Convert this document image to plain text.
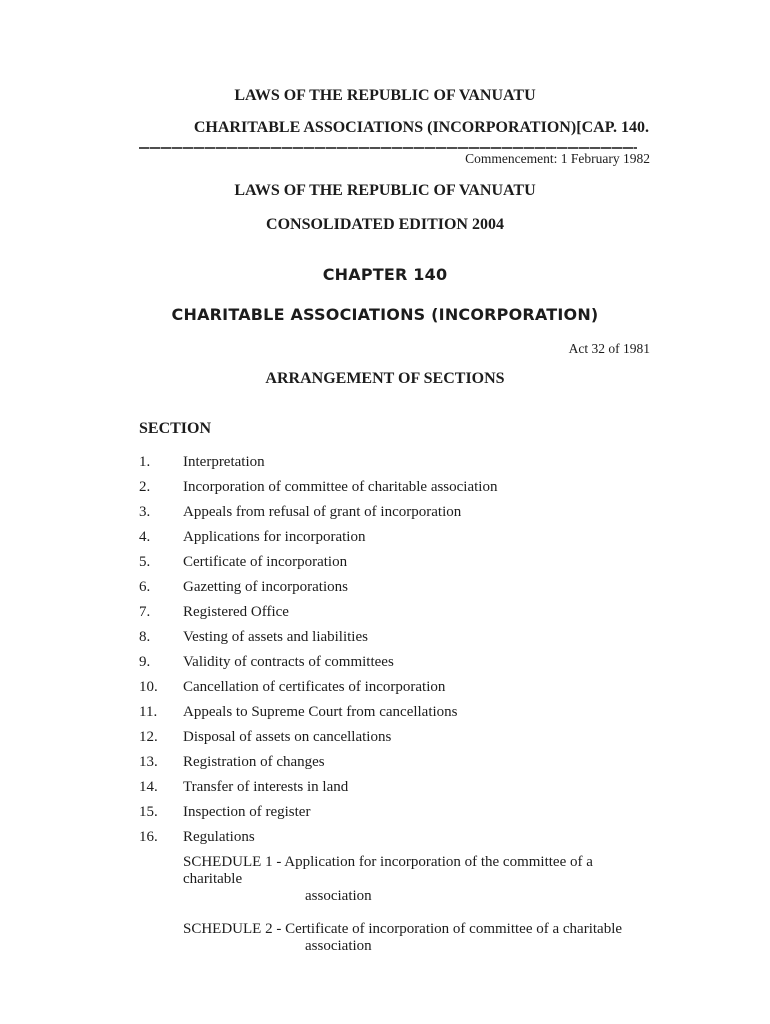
LAWS OF THE REPUBLIC OF VANUATU
CHARITABLE ASSOCIATIONS (INCORPORATION) [CAP. 140.
Commencement: 1 February 1982
LAWS OF THE REPUBLIC OF VANUATU
CONSOLIDATED EDITION 2004
CHAPTER 140
CHARITABLE ASSOCIATIONS (INCORPORATION)
Act 32 of 1981
ARRANGEMENT OF SECTIONS
SECTION
1.	Interpretation
2.	Incorporation of committee of charitable association
3.	Appeals from refusal of grant of incorporation
4.	Applications for incorporation
5.	Certificate of incorporation
6.	Gazetting of incorporations
7.	Registered Office
8.	Vesting of assets and liabilities
9.	Validity of contracts of committees
10.	Cancellation of certificates of incorporation
11.	Appeals to Supreme Court from cancellations
12.	Disposal of assets on cancellations
13.	Registration of changes
14.	Transfer of interests in land
15.	Inspection of register
16.	Regulations
SCHEDULE 1 - Application for incorporation of the committee of a charitable
association
SCHEDULE 2 - Certificate of incorporation of committee of a charitable
association
